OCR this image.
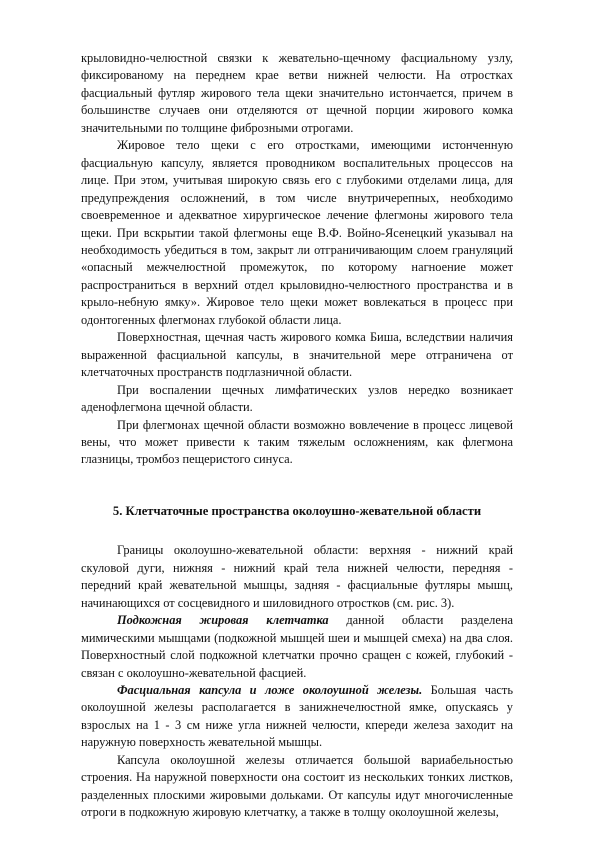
крыловидно-челюстной связки к жевательно-щечному фасциальному узлу, фиксированому на переднем крае ветви нижней челюсти. На отростках фасциальный футляр жирового тела щеки значительно истончается, причем в большинстве случаев они отделяются от щечной порции жирового комка значительными по толщине фиброзными отрогами.

Жировое тело щеки с его отростками, имеющими истонченную фасциальную капсулу, является проводником воспалительных процессов на лице. При этом, учитывая широкую связь его с глубокими отделами лица, для предупреждения осложнений, в том числе внутричерепных, необходимо своевременное и адекватное хирургическое лечение флегмоны жирового тела щеки. При вскрытии такой флегмоны еще В.Ф. Войно-Ясенецкий указывал на необходимость убедиться в том, закрыт ли отграничивающим слоем грануляций «опасный межчелюстной промежуток, по которому нагноение может распространиться в верхний отдел крыловидно-челюстного пространства и в крыло-небную ямку». Жировое тело щеки может вовлекаться в процесс при одонтогенных флегмонах глубокой области лица.

Поверхностная, щечная часть жирового комка Биша, вследствии наличия выраженной фасциальной капсулы, в значительной мере отграничена от клетчаточных пространств подглазничной области.

При воспалении щечных лимфатических узлов нередко возникает аденофлегмона щечной области.

При флегмонах щечной области возможно вовлечение в процесс лицевой вены, что может привести к таким тяжелым осложнениям, как флегмона глазницы, тромбоз пещеристого синуса.

5. Клетчаточные пространства околоушно-жевательной области

Границы околоушно-жевательной области: верхняя - нижний край скуловой дуги, нижняя - нижний край тела нижней челюсти, передняя - передний край жевательной мышцы, задняя - фасциальные футляры мышц, начинающихся от сосцевидного и шиловидного отростков (см. рис. 3).

Подкожная жировая клетчатка данной области разделена мимическими мышцами (подкожной мышцей шеи и мышцей смеха) на два слоя. Поверхностный слой подкожной клетчатки прочно сращен с кожей, глубокий - связан с околоушно-жевательной фасцией.

Фасциальная капсула и ложе околоушной железы. Большая часть околоушной железы располагается в занижнечелюстной ямке, опускаясь у взрослых на 1 - 3 см ниже угла нижней челюсти, кпереди железа заходит на наружную поверхность жевательной мышцы.

Капсула околоушной железы отличается большой вариабельностью строения. На наружной поверхности она состоит из нескольких тонких листков, разделенных плоскими жировыми дольками. От капсулы идут многочисленные отроги в подкожную жировую клетчатку, а также в толщу околоушной железы,
